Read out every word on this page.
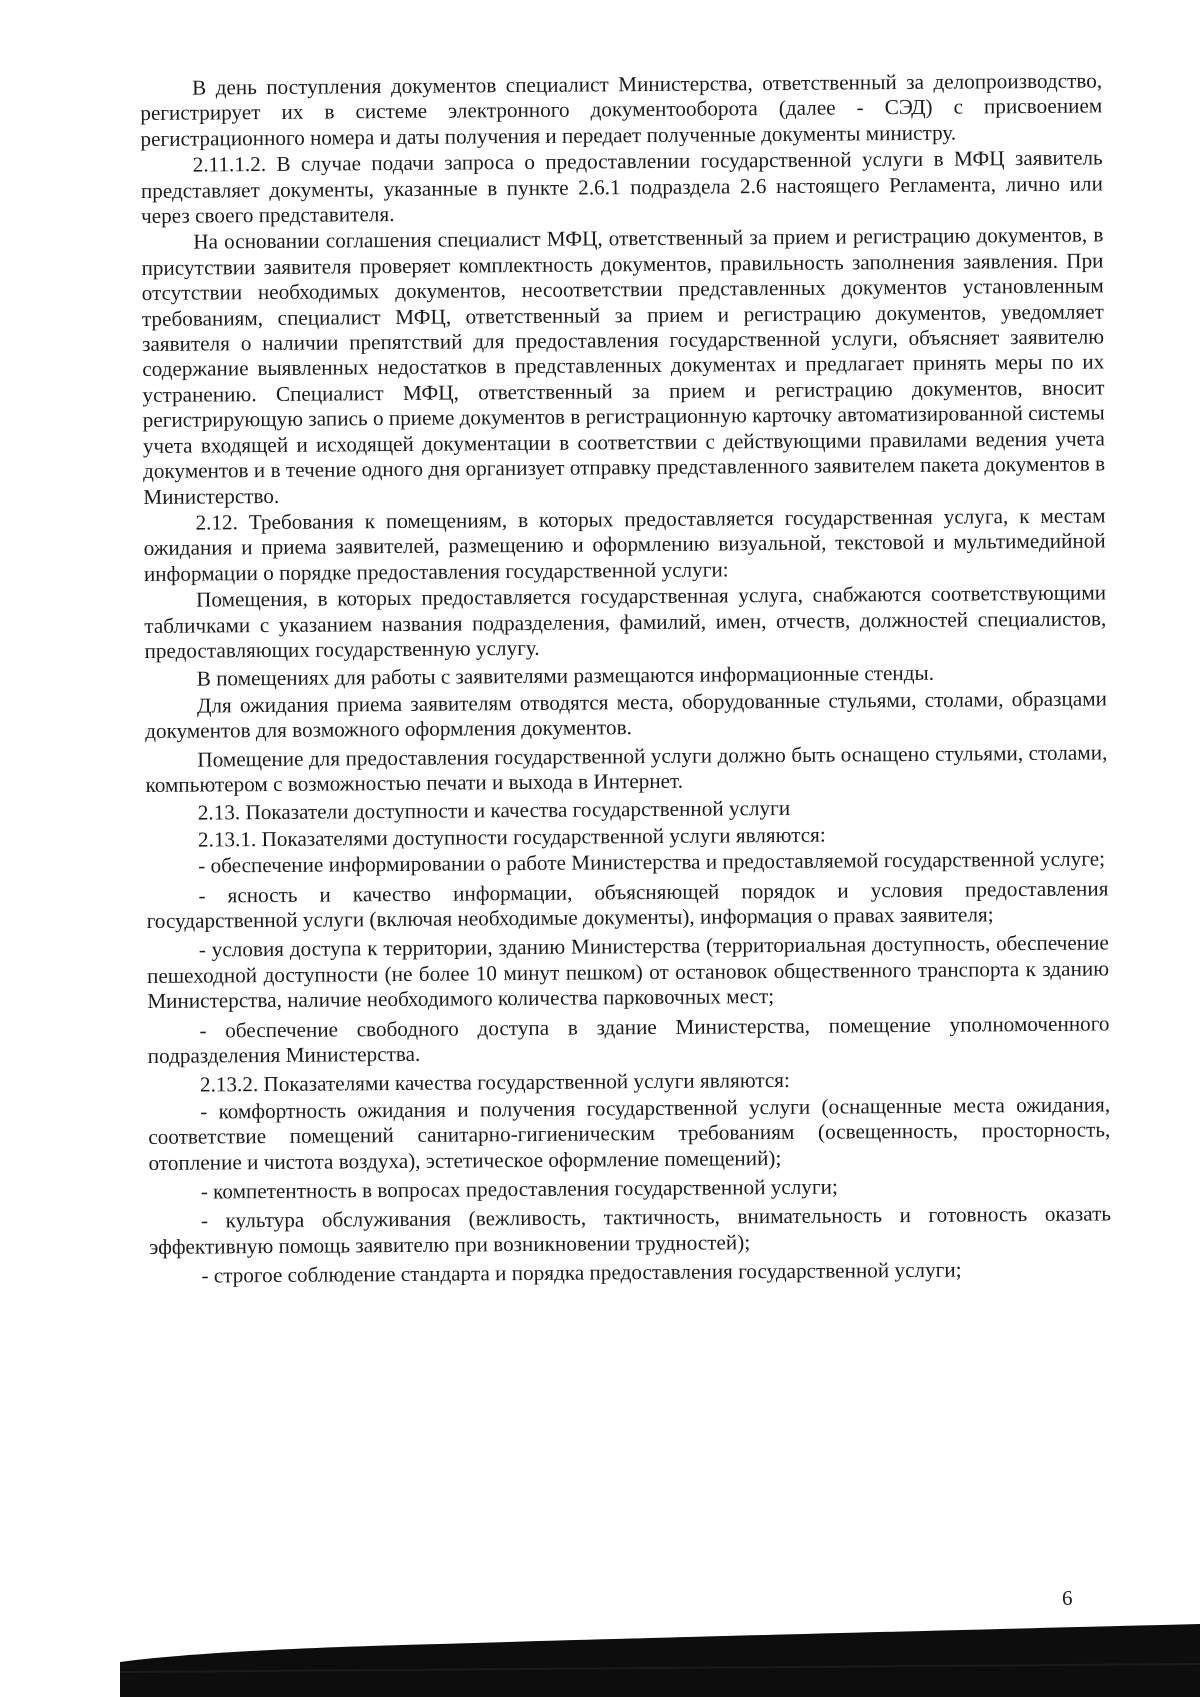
В день поступления документов специалист Министерства, ответственный за делопроизводство, регистрирует их в системе электронного документооборота (далее - СЭД) с присвоением регистрационного номера и даты получения и передает полученные документы министру.

2.11.1.2. В случае подачи запроса о предоставлении государственной услуги в МФЦ заявитель представляет документы, указанные в пункте 2.6.1 подраздела 2.6 настоящего Регламента, лично или через своего представителя.

На основании соглашения специалист МФЦ, ответственный за прием и регистрацию документов, в присутствии заявителя проверяет комплектность документов, правильность заполнения заявления. При отсутствии необходимых документов, несоответствии представленных документов установленным требованиям, специалист МФЦ, ответственный за прием и регистрацию документов, уведомляет заявителя о наличии препятствий для предоставления государственной услуги, объясняет заявителю содержание выявленных недостатков в представленных документах и предлагает принять меры по их устранению. Специалист МФЦ, ответственный за прием и регистрацию документов, вносит регистрирующую запись о приеме документов в регистрационную карточку автоматизированной системы учета входящей и исходящей документации в соответствии с действующими правилами ведения учета документов и в течение одного дня организует отправку представленного заявителем пакета документов в Министерство.

2.12. Требования к помещениям, в которых предоставляется государственная услуга, к местам ожидания и приема заявителей, размещению и оформлению визуальной, текстовой и мультимедийной информации о порядке предоставления государственной услуги:

Помещения, в которых предоставляется государственная услуга, снабжаются соответствующими табличками с указанием названия подразделения, фамилий, имен, отчеств, должностей специалистов, предоставляющих государственную услугу.

В помещениях для работы с заявителями размещаются информационные стенды.

Для ожидания приема заявителям отводятся места, оборудованные стульями, столами, образцами документов для возможного оформления документов.

Помещение для предоставления государственной услуги должно быть оснащено стульями, столами, компьютером с возможностью печати и выхода в Интернет.

2.13. Показатели доступности и качества государственной услуги

2.13.1. Показателями доступности государственной услуги являются:

- обеспечение информировании о работе Министерства и предоставляемой государственной услуге;

- ясность и качество информации, объясняющей порядок и условия предоставления государственной услуги (включая необходимые документы), информация о правах заявителя;

- условия доступа к территории, зданию Министерства (территориальная доступность, обеспечение пешеходной доступности (не более 10 минут пешком) от остановок общественного транспорта к зданию Министерства, наличие необходимого количества парковочных мест;

- обеспечение свободного доступа в здание Министерства, помещение уполномоченного подразделения Министерства.

2.13.2. Показателями качества государственной услуги являются:

- комфортность ожидания и получения государственной услуги (оснащенные места ожидания, соответствие помещений санитарно-гигиеническим требованиям (освещенность, просторность, отопление и чистота воздуха), эстетическое оформление помещений);

- компетентность в вопросах предоставления государственной услуги;

- культура обслуживания (вежливость, тактичность, внимательность и готовность оказать эффективную помощь заявителю при возникновении трудностей);

- строгое соблюдение стандарта и порядка предоставления государственной услуги;

6
